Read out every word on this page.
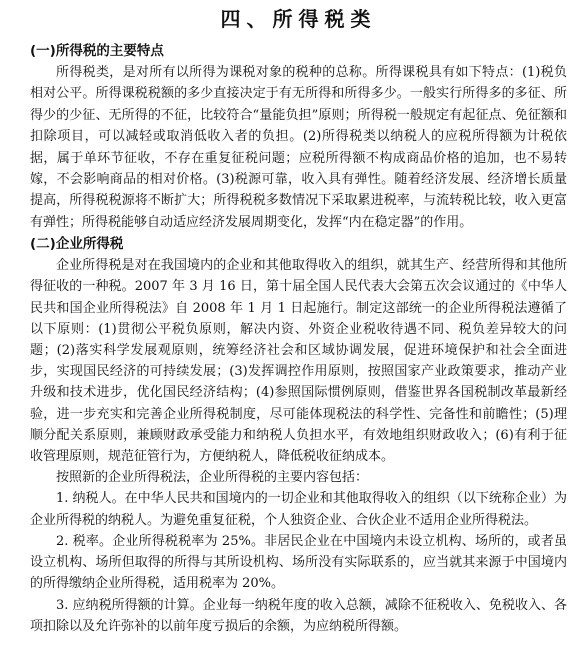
四、所得税类
(一)所得税的主要特点

所得税类，是对所有以所得为课税对象的税种的总称。所得课税具有如下特点：(1)税负相对公平。所得课税税额的多少直接决定于有无所得和所得多少。一般实行所得多的多征、所得少的少征、无所得的不征，比较符合“量能负担”原则；所得税一般规定有起征点、免征额和扣除项目，可以减轻或取消低收入者的负担。(2)所得税类以纳税人的应税所得额为计税依据，属于单环节征收，不存在重复征税问题；应税所得额不构成商品价格的追加，也不易转嫁，不会影响商品的相对价格。(3)税源可靠，收入具有弹性。随着经济发展、经济增长质量提高，所得税税源将不断扩大；所得税税多数情况下采取累进税率，与流转税比较，收入更富有弹性；所得税能够自动适应经济发展周期变化，发挥“内在稳定器”的作用。

(二)企业所得税

企业所得税是对在我国境内的企业和其他取得收入的组织，就其生产、经营所得和其他所得征收的一种税。2007 年 3 月 16 日，第十届全国人民代表大会第五次会议通过的《中华人民共和国企业所得税法》自 2008 年 1 月 1 日起施行。制定这部统一的企业所得税法遵循了以下原则：(1)贯彻公平税负原则，解决内资、外资企业税收待遇不同、税负差异较大的问题；(2)落实科学发展观原则，统筹经济社会和区域协调发展，促进环境保护和社会全面进步，实现国民经济的可持续发展；(3)发挥调控作用原则，按照国家产业政策要求，推动产业升级和技术进步，优化国民经济结构；(4)参照国际惯例原则，借鉴世界各国税制改革最新经验，进一步充实和完善企业所得税制度，尽可能体现税法的科学性、完备性和前瞻性；(5)理顺分配关系原则，兼顾财政承受能力和纳税人负担水平，有效地组织财政收入；(6)有利于征收管理原则，规范征管行为，方便纳税人，降低税收征纳成本。

按照新的企业所得税法，企业所得税的主要内容包括：

1. 纳税人。在中华人民共和国境内的一切企业和其他取得收入的组织（以下统称企业）为企业所得税的纳税人。为避免重复征税，个人独资企业、合伙企业不适用企业所得税法。

2. 税率。企业所得税税率为 25%。非居民企业在中国境内未设立机构、场所的，或者虽设立机构、场所但取得的所得与其所设机构、场所没有实际联系的，应当就其来源于中国境内的所得缴纳企业所得税，适用税率为 20%。

3. 应纳税所得额的计算。企业每一纳税年度的收入总额，减除不征税收入、免税收入、各项扣除以及允许弥补的以前年度亏损后的余额，为应纳税所得额。
